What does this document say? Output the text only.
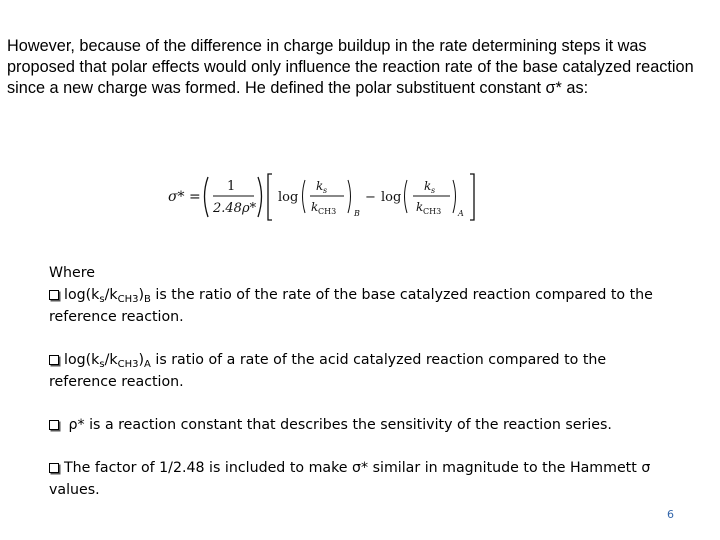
However, because of the difference in charge buildup in the rate determining steps it was proposed that polar effects would only influence the reaction rate of the base catalyzed reaction since a new charge was formed. He defined the polar substituent constant σ* as:
σ* =
1
2.48ρ*
log
k s
k CH3 B
− log
k s
k CH3 A

Where

$\log(k_s/k_{CH3})_B$ is the ratio of the rate of the base catalyzed reaction compared to the reference reaction.

$\log(k_s/k_{CH3})_A$ is ratio of a rate of the acid catalyzed reaction compared to the reference reaction.

ρ* is a reaction constant that describes the sensitivity of the reaction series.

The factor of 1/2.48 is included to make σ* similar in magnitude to the Hammett σ values.

6
